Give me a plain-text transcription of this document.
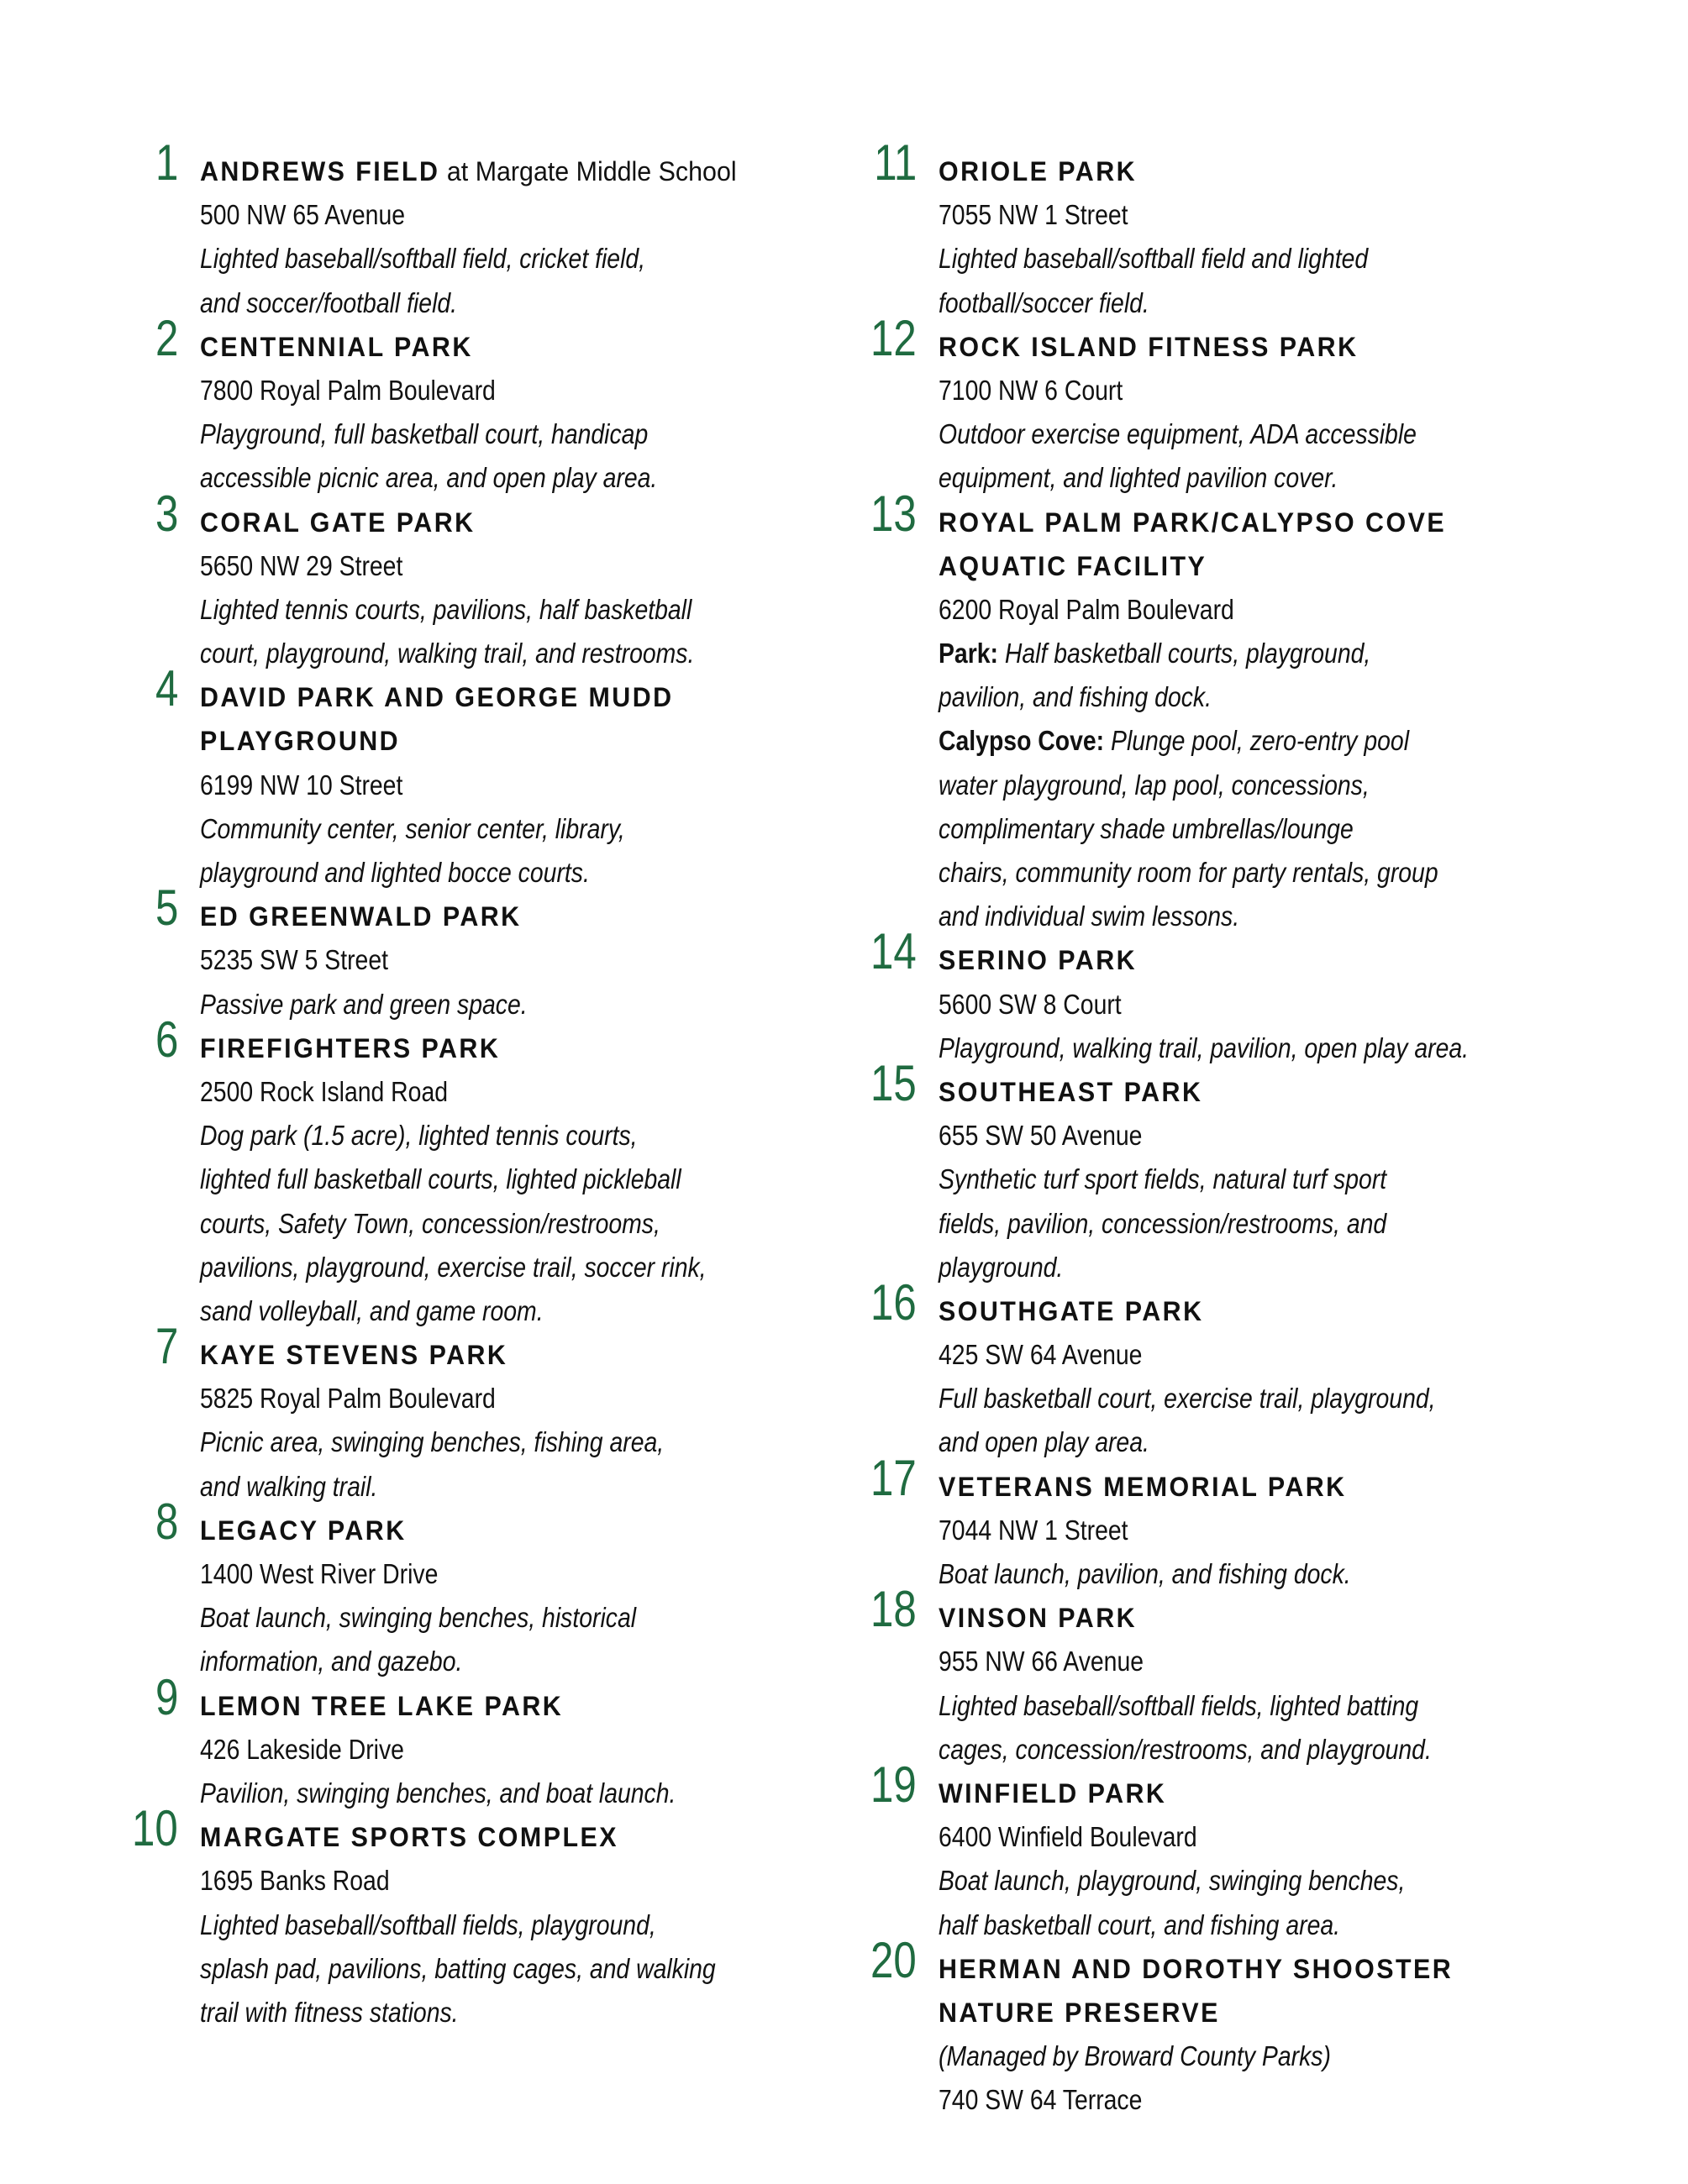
1 ANDREWS FIELD at Margate Middle School
500 NW 65 Avenue
Lighted baseball/softball field, cricket field,
and soccer/football field.
2 CENTENNIAL PARK
7800 Royal Palm Boulevard
Playground, full basketball court, handicap
accessible picnic area, and open play area.
3 CORAL GATE PARK
5650 NW 29 Street
Lighted tennis courts, pavilions, half basketball
court, playground, walking trail, and restrooms.
4 DAVID PARK AND GEORGE MUDD
PLAYGROUND
6199 NW 10 Street
Community center, senior center, library,
playground and lighted bocce courts.
5 ED GREENWALD PARK
5235 SW 5 Street
Passive park and green space.
6 FIREFIGHTERS PARK
2500 Rock Island Road
Dog park (1.5 acre), lighted tennis courts,
lighted full basketball courts, lighted pickleball
courts, Safety Town, concession/restrooms,
pavilions, playground, exercise trail, soccer rink,
sand volleyball, and game room.
7 KAYE STEVENS PARK
5825 Royal Palm Boulevard
Picnic area, swinging benches, fishing area,
and walking trail.
8 LEGACY PARK
1400 West River Drive
Boat launch, swinging benches, historical
information, and gazebo.
9 LEMON TREE LAKE PARK
426 Lakeside Drive
Pavilion, swinging benches, and boat launch.
10 MARGATE SPORTS COMPLEX
1695 Banks Road
Lighted baseball/softball fields, playground,
splash pad, pavilions, batting cages, and walking
trail with fitness stations.
11 ORIOLE PARK
7055 NW 1 Street
Lighted baseball/softball field and lighted
football/soccer field.
12 ROCK ISLAND FITNESS PARK
7100 NW 6 Court
Outdoor exercise equipment, ADA accessible
equipment, and lighted pavilion cover.
13 ROYAL PALM PARK/CALYPSO COVE
AQUATIC FACILITY
6200 Royal Palm Boulevard
Park: Half basketball courts, playground,
pavilion, and fishing dock.
Calypso Cove: Plunge pool, zero-entry pool
water playground, lap pool, concessions,
complimentary shade umbrellas/lounge
chairs, community room for party rentals, group
and individual swim lessons.
14 SERINO PARK
5600 SW 8 Court
Playground, walking trail, pavilion, open play area.
15 SOUTHEAST PARK
655 SW 50 Avenue
Synthetic turf sport fields, natural turf sport
fields, pavilion, concession/restrooms, and
playground.
16 SOUTHGATE PARK
425 SW 64 Avenue
Full basketball court, exercise trail, playground,
and open play area.
17 VETERANS MEMORIAL PARK
7044 NW 1 Street
Boat launch, pavilion, and fishing dock.
18 VINSON PARK
955 NW 66 Avenue
Lighted baseball/softball fields, lighted batting
cages, concession/restrooms, and playground.
19 WINFIELD PARK
6400 Winfield Boulevard
Boat launch, playground, swinging benches,
half basketball court, and fishing area.
20 HERMAN AND DOROTHY SHOOSTER
NATURE PRESERVE
(Managed by Broward County Parks)
740 SW 64 Terrace
